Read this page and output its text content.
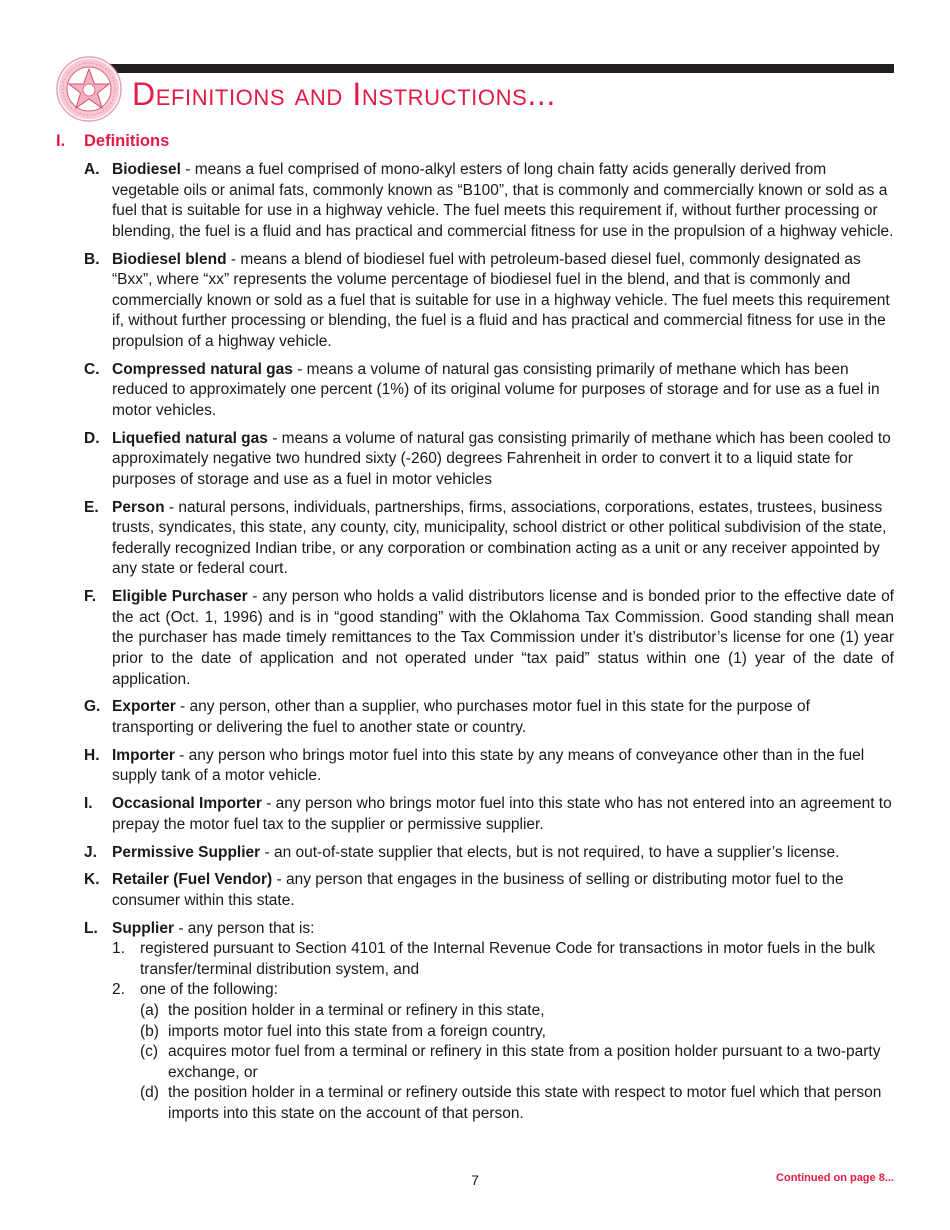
Definitions and Instructions...
I. Definitions
A. Biodiesel - means a fuel comprised of mono-alkyl esters of long chain fatty acids generally derived from vegetable oils or animal fats, commonly known as “B100”, that is commonly and commercially known or sold as a fuel that is suitable for use in a highway vehicle. The fuel meets this requirement if, without further processing or blending, the fuel is a fluid and has practical and commercial fitness for use in the propulsion of a highway vehicle.
B. Biodiesel blend - means a blend of biodiesel fuel with petroleum-based diesel fuel, commonly designated as “Bxx”, where “xx” represents the volume percentage of biodiesel fuel in the blend, and that is commonly and commercially known or sold as a fuel that is suitable for use in a highway vehicle. The fuel meets this requirement if, without further processing or blending, the fuel is a fluid and has practical and commercial fitness for use in the propulsion of a highway vehicle.
C. Compressed natural gas - means a volume of natural gas consisting primarily of methane which has been reduced to approximately one percent (1%) of its original volume for purposes of storage and for use as a fuel in motor vehicles.
D. Liquefied natural gas - means a volume of natural gas consisting primarily of methane which has been cooled to approximately negative two hundred sixty (-260) degrees Fahrenheit in order to convert it to a liquid state for purposes of storage and use as a fuel in motor vehicles
E. Person - natural persons, individuals, partnerships, firms, associations, corporations, estates, trustees, business trusts, syndicates, this state, any county, city, municipality, school district or other political subdivision of the state, federally recognized Indian tribe, or any corporation or combination acting as a unit or any receiver appointed by any state or federal court.
F.	Eligible Purchaser - any person who holds a valid distributors license and is bonded prior to the effective date of the act (Oct. 1, 1996) and is in “good standing” with the Oklahoma Tax Commission. Good standing shall mean the purchaser has made timely remittances to the Tax Commission under it’s distributor’s license for one (1) year prior to the date of application and not operated under “tax paid” status within one (1) year of the date of application.
G. Exporter - any person, other than a supplier, who purchases motor fuel in this state for the purpose of transporting or delivering the fuel to another state or country.
H. Importer - any person who brings motor fuel into this state by any means of conveyance other than in the fuel supply tank of a motor vehicle.
I.	Occasional Importer - any person who brings motor fuel into this state who has not entered into an agreement to prepay the motor fuel tax to the supplier or permissive supplier.
J. Permissive Supplier - an out-of-state supplier that elects, but is not required, to have a supplier’s license.
K. Retailer (Fuel Vendor) - any person that engages in the business of selling or distributing motor fuel to the consumer within this state.
L. Supplier - any person that is:
1. registered pursuant to Section 4101 of the Internal Revenue Code for transactions in motor fuels in the bulk transfer/terminal distribution system, and
2. one of the following:
(a) the position holder in a terminal or refinery in this state,
(b) imports motor fuel into this state from a foreign country,
(c) acquires motor fuel from a terminal or refinery in this state from a position holder pursuant to a two-party exchange, or
(d) the position holder in a terminal or refinery outside this state with respect to motor fuel which that person imports into this state on the account of that person.
7	Continued on page 8...
